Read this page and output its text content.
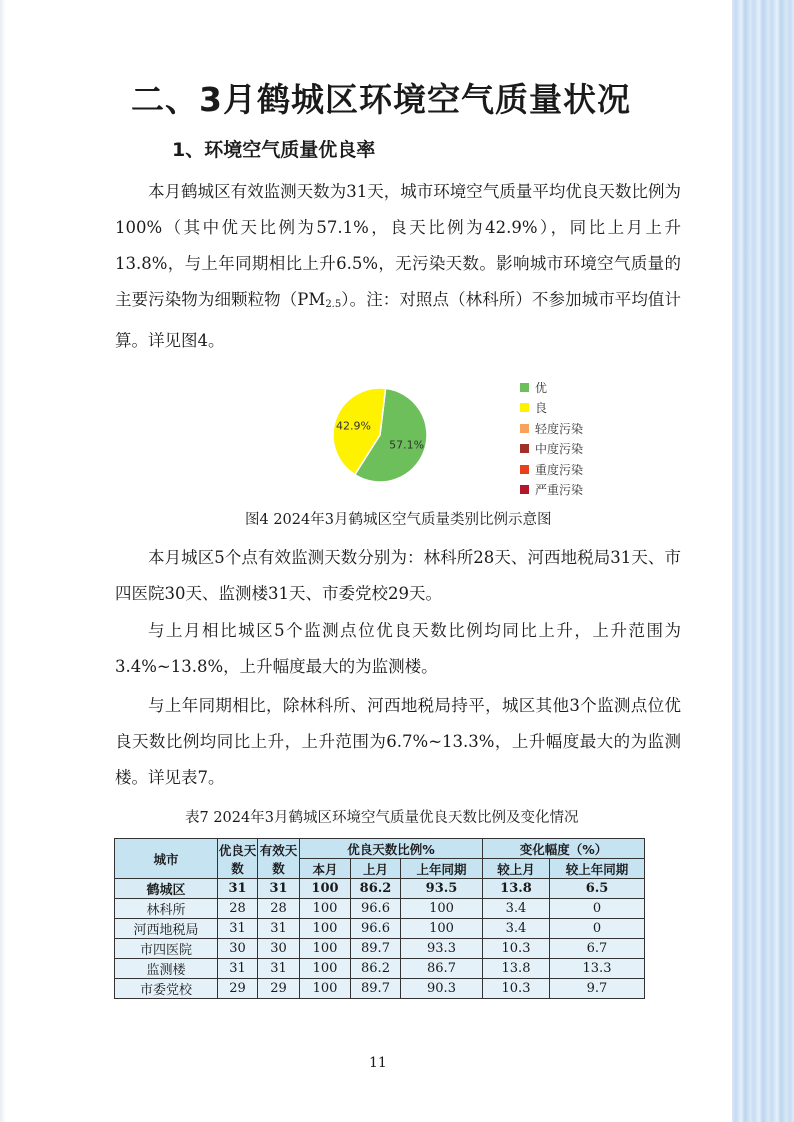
二、3月鹤城区环境空气质量状况
1、环境空气质量优良率

本月鹤城区有效监测天数为31天，城市环境空气质量平均优良天数比例为100%（其中优天比例为57.1%，良天比例为42.9%），同比上月上升13.8%，与上年同期相比上升6.5%，无污染天数。影响城市环境空气质量的主要污染物为细颗粒物$(PM_{2.5})$。注：对照点（林科所）不参加城市平均值计算。详见图4。

57.1%
42.9%
优
良
轻度污染
中度污染
重度污染
严重污染
图4 2024年3月鹤城区空气质量类别比例示意图

本月城区5个点有效监测天数分别为：林科所28天、河西地税局31天、市四医院30天、监测楼31天、市委党校29天。

与上月相比城区5个监测点位优良天数比例均同比上升，上升范围为3.4%~13.8%，上升幅度最大的为监测楼。

与上年同期相比，除林科所、河西地税局持平，城区其他3个监测点位优良天数比例均同比上升，上升范围为6.7%~13.3%，上升幅度最大的为监测楼。详见表7。

表7 2024年3月鹤城区环境空气质量优良天数比例及变化情况
城市	优良天数	有效天数	优良天数比例%			变化幅度（%）	
			本月	上月	上年同期	较上月	较上年同期
鹤城区	31	31	100	86.2	93.5	13.8	6.5
林科所	28	28	100	96.6	100	3.4	0
河西地税局	31	31	100	96.6	100	3.4	0
市四医院	30	30	100	89.7	93.3	10.3	6.7
监测楼	31	31	100	86.2	86.7	13.8	13.3
市委党校	29	29	100	89.7	90.3	10.3	9.7
11
